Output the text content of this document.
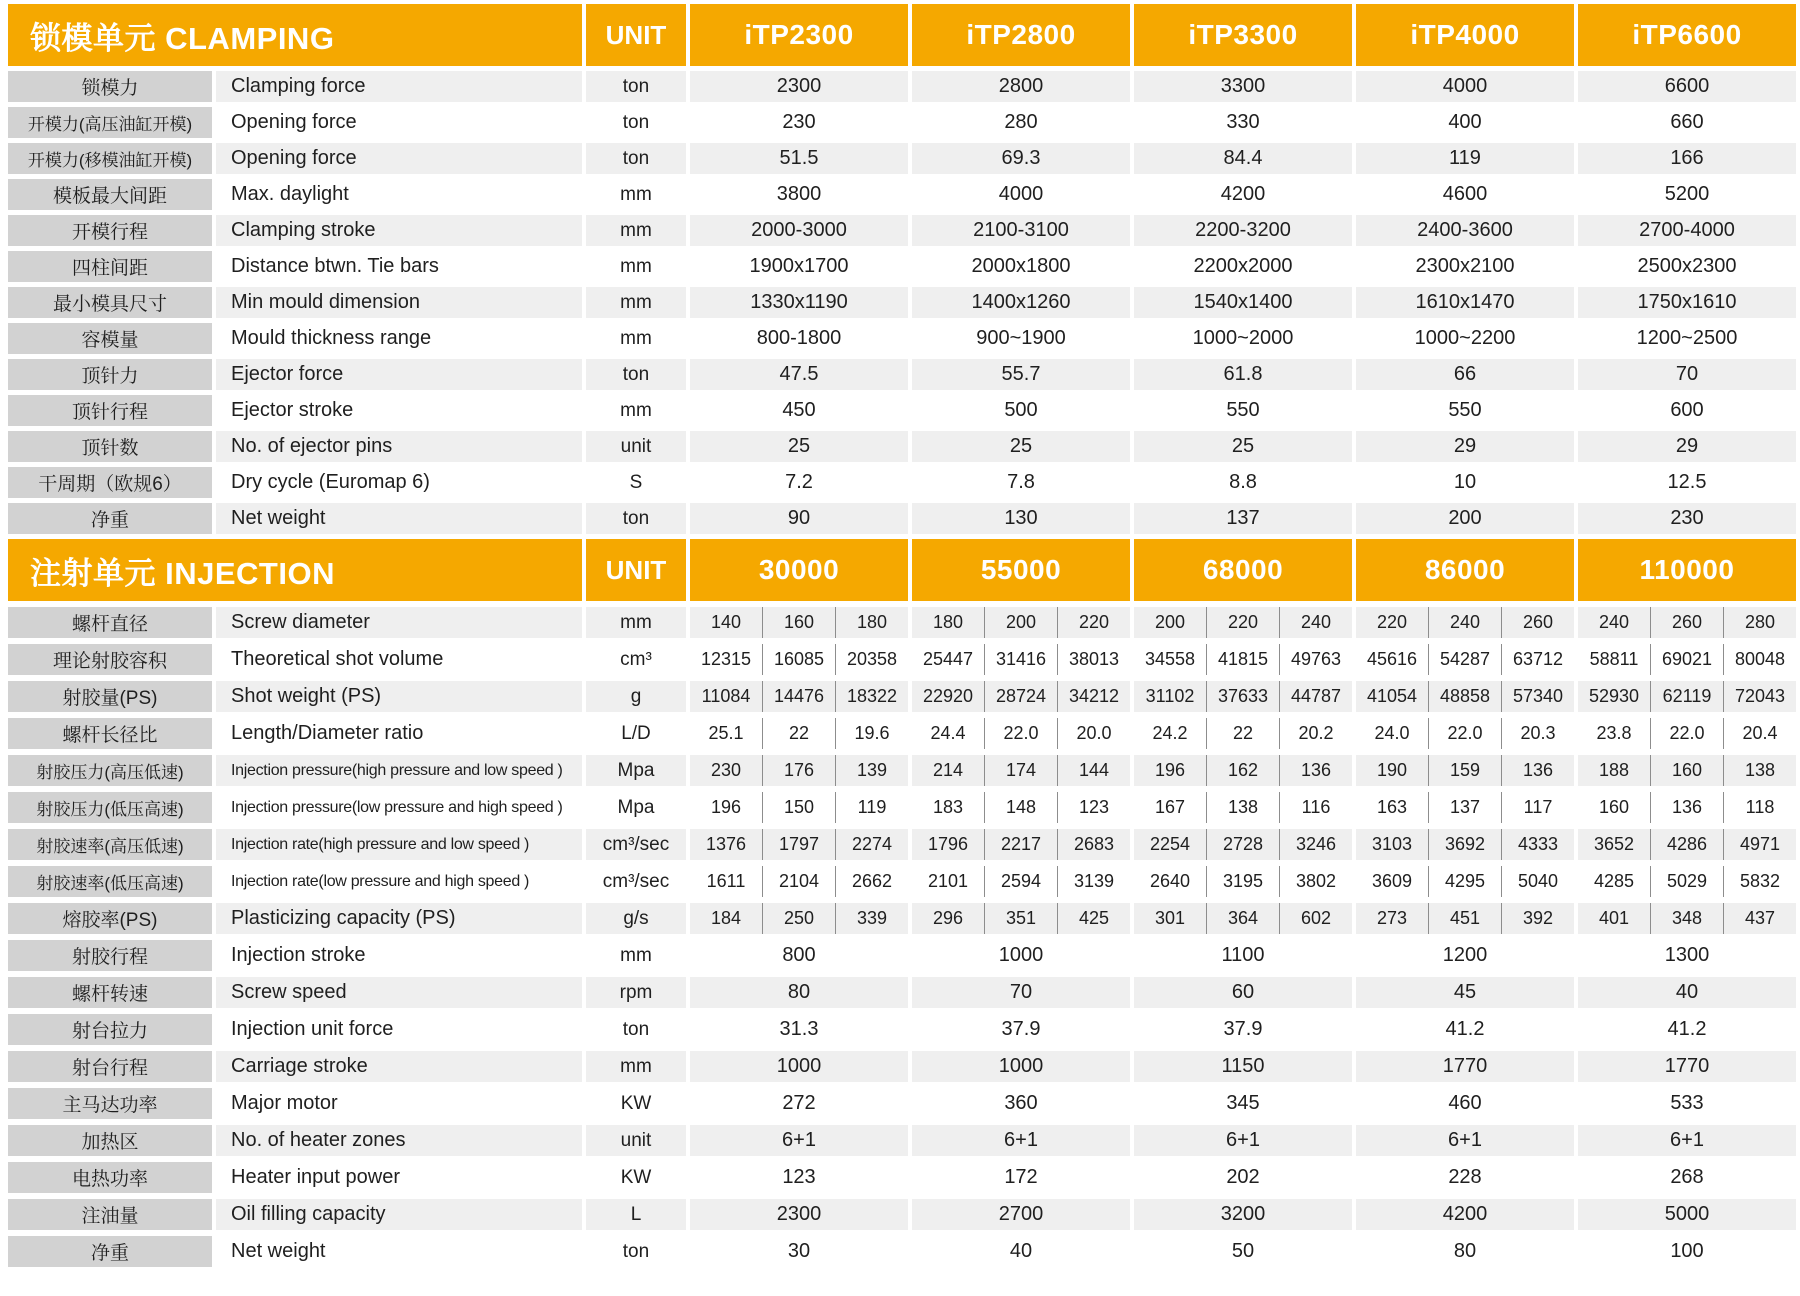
锁模单元 CLAMPING	UNIT	iTP2300	iTP2800	iTP3300	iTP4000	iTP6600
锁模力	Clamping force	ton	2300	2800	3300	4000	6600
开模力(高压油缸开模)	Opening force	ton	230	280	330	400	660
开模力(移模油缸开模)	Opening force	ton	51.5	69.3	84.4	119	166
模板最大间距	Max. daylight	mm	3800	4000	4200	4600	5200
开模行程	Clamping stroke	mm	2000-3000	2100-3100	2200-3200	2400-3600	2700-4000
四柱间距	Distance btwn. Tie bars	mm	1900x1700	2000x1800	2200x2000	2300x2100	2500x2300
最小模具尺寸	Min mould dimension	mm	1330x1190	1400x1260	1540x1400	1610x1470	1750x1610
容模量	Mould thickness range	mm	800-1800	900~1900	1000~2000	1000~2200	1200~2500
顶针力	Ejector force	ton	47.5	55.7	61.8	66	70
顶针行程	Ejector stroke	mm	450	500	550	550	600
顶针数	No. of ejector pins	unit	25	25	25	29	29
干周期（欧规6）	Dry cycle (Euromap 6)	S	7.2	7.8	8.8	10	12.5
净重	Net weight	ton	90	130	137	200	230
注射单元 INJECTION	UNIT	30000	55000	68000	86000	110000
螺杆直径	Screw diameter	mm	140	160	180	180	200	220	200	220	240	220	240	260	240	260	280
理论射胶容积	Theoretical shot volume	cm³	12315	16085	20358	25447	31416	38013	34558	41815	49763	45616	54287	63712	58811	69021	80048
射胶量(PS)	Shot weight (PS)	g	11084	14476	18322	22920	28724	34212	31102	37633	44787	41054	48858	57340	52930	62119	72043
螺杆长径比	Length/Diameter ratio	L/D	25.1	22	19.6	24.4	22.0	20.0	24.2	22	20.2	24.0	22.0	20.3	23.8	22.0	20.4
射胶压力(高压低速)	Injection pressure(high pressure and low speed )	Mpa	230	176	139	214	174	144	196	162	136	190	159	136	188	160	138
射胶压力(低压高速)	Injection pressure(low pressure and high speed )	Mpa	196	150	119	183	148	123	167	138	116	163	137	117	160	136	118
射胶速率(高压低速)	Injection rate(high pressure and low speed )	cm³/sec	1376	1797	2274	1796	2217	2683	2254	2728	3246	3103	3692	4333	3652	4286	4971
射胶速率(低压高速)	Injection rate(low pressure and high speed )	cm³/sec	1611	2104	2662	2101	2594	3139	2640	3195	3802	3609	4295	5040	4285	5029	5832
熔胶率(PS)	Plasticizing capacity (PS)	g/s	184	250	339	296	351	425	301	364	602	273	451	392	401	348	437
射胶行程	Injection stroke	mm	800	1000	1100	1200	1300
螺杆转速	Screw speed	rpm	80	70	60	45	40
射台拉力	Injection unit force	ton	31.3	37.9	37.9	41.2	41.2
射台行程	Carriage stroke	mm	1000	1000	1150	1770	1770
主马达功率	Major motor	KW	272	360	345	460	533
加热区	No. of heater zones	unit	6+1	6+1	6+1	6+1	6+1
电热功率	Heater input power	KW	123	172	202	228	268
注油量	Oil filling capacity	L	2300	2700	3200	4200	5000
净重	Net weight	ton	30	40	50	80	100
